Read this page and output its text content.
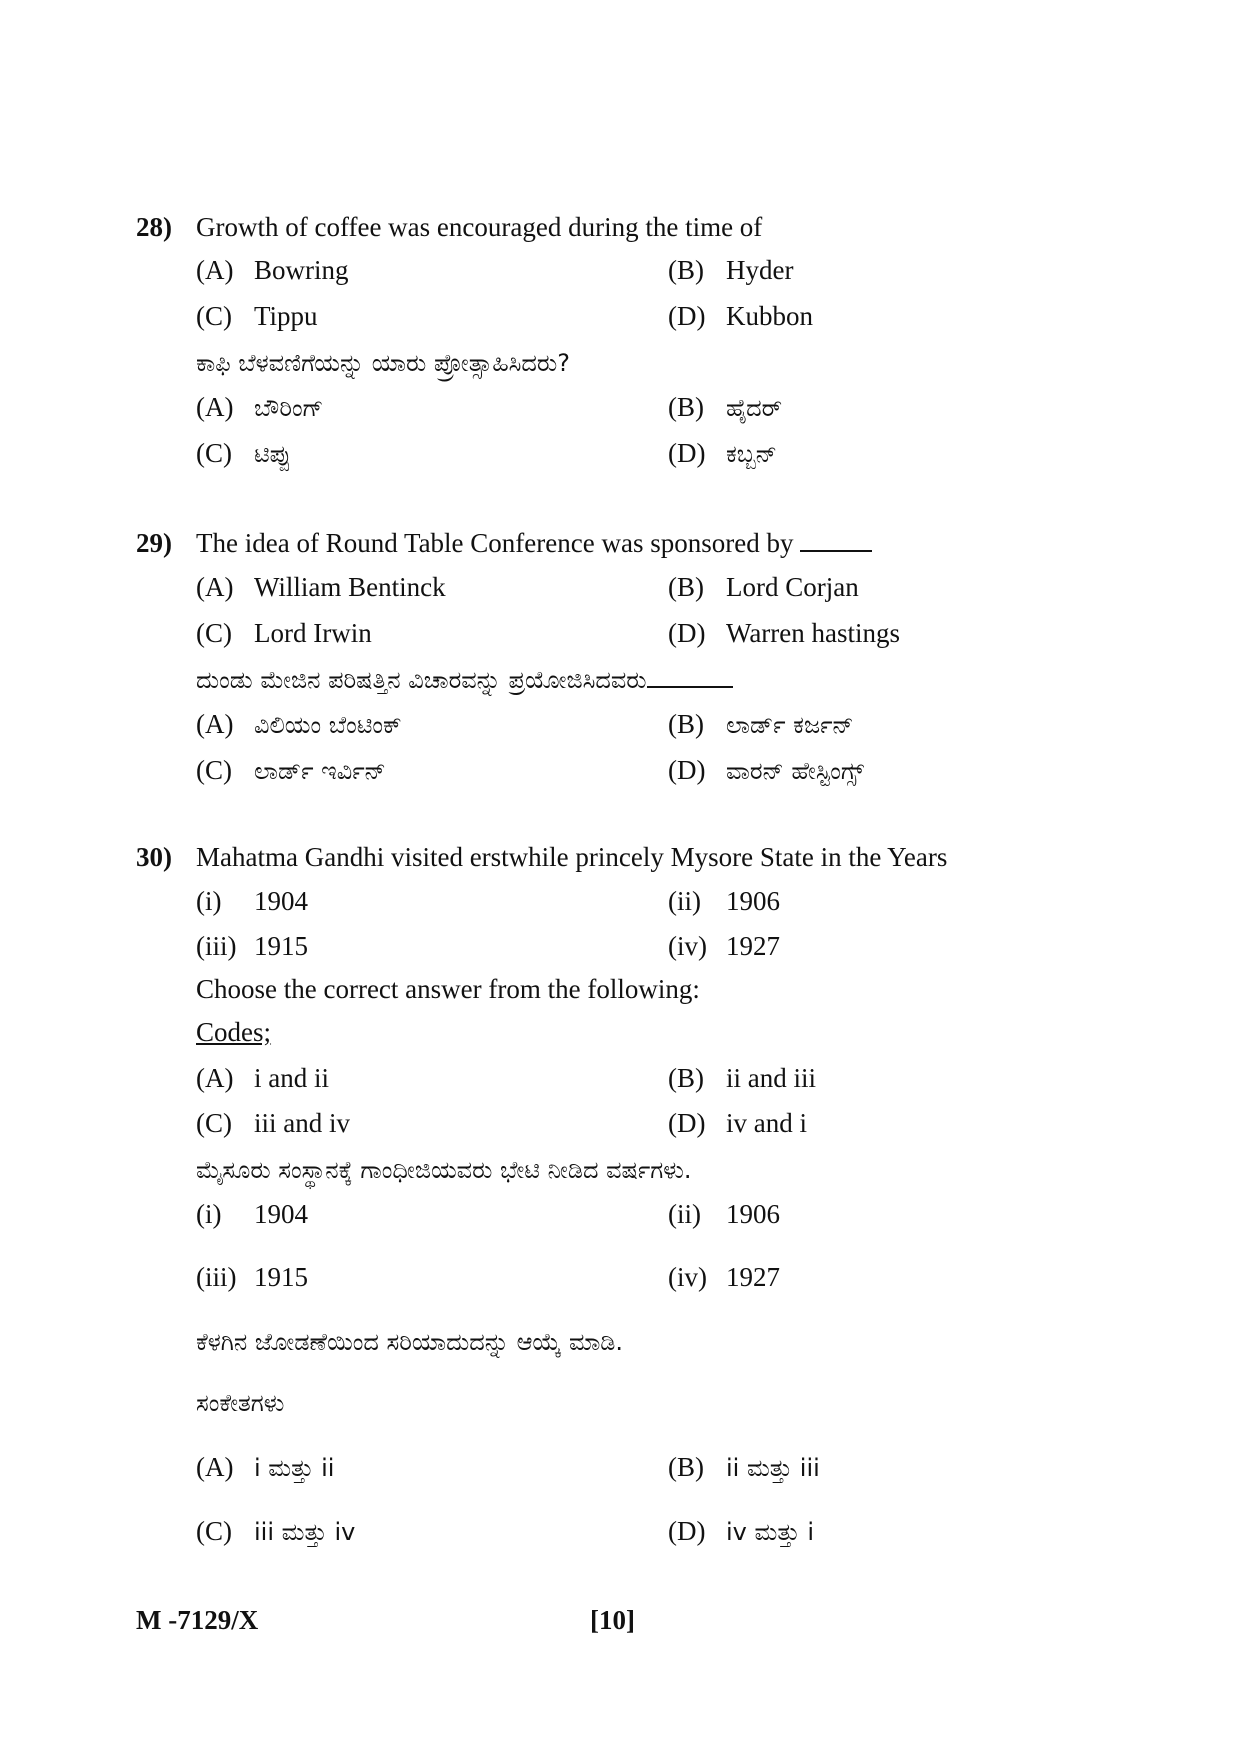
28) Growth of coffee was encouraged during the time of
(A) Bowring	(B) Hyder
(C) Tippu	(D) Kubbon
ಕಾಫಿ ಬೆಳವಣಿಗೆಯನ್ನು ಯಾರು ಪ್ರೋತ್ಸಾಹಿಸಿದರು?
(A) ಬೌರಿಂಗ್	(B) ಹೈದರ್
(C) ಟಿಪ್ಪು	(D) ಕಬ್ಬನ್
29) The idea of Round Table Conference was sponsored by
(A) William Bentinck	(B) Lord Corjan
(C) Lord Irwin	(D) Warren hastings
ದುಂಡು ಮೇಜಿನ ಪರಿಷತ್ತಿನ ವಿಚಾರವನ್ನು ಪ್ರಯೋಜಿಸಿದವರು
(A) ವಿಲಿಯಂ ಬೆಂಟಿಂಕ್	(B) ಲಾರ್ಡ್ ಕರ್ಜನ್
(C) ಲಾರ್ಡ್ ಇರ್ವಿನ್	(D) ವಾರನ್ ಹೇಸ್ಟಿಂಗ್ಸ್
30) Mahatma Gandhi visited erstwhile princely Mysore State in the Years
(i) 1904	(ii) 1906
(iii) 1915	(iv) 1927
Choose the correct answer from the following:
Codes;
(A) i and ii	(B) ii and iii
(C) iii and iv	(D) iv and i
ಮೈಸೂರು ಸಂಸ್ಥಾನಕ್ಕೆ ಗಾಂಧೀಜಿಯವರು ಭೇಟಿ ನೀಡಿದ ವರ್ಷಗಳು.
(i) 1904	(ii) 1906
(iii) 1915	(iv) 1927
ಕೆಳಗಿನ ಜೋಡಣೆಯಿಂದ ಸರಿಯಾದುದನ್ನು ಆಯ್ಕೆ ಮಾಡಿ.
ಸಂಕೇತಗಳು
(A) i ಮತ್ತು ii	(B) ii ಮತ್ತು iii
(C) iii ಮತ್ತು iv	(D) iv ಮತ್ತು i
M -7129/X	[10]
